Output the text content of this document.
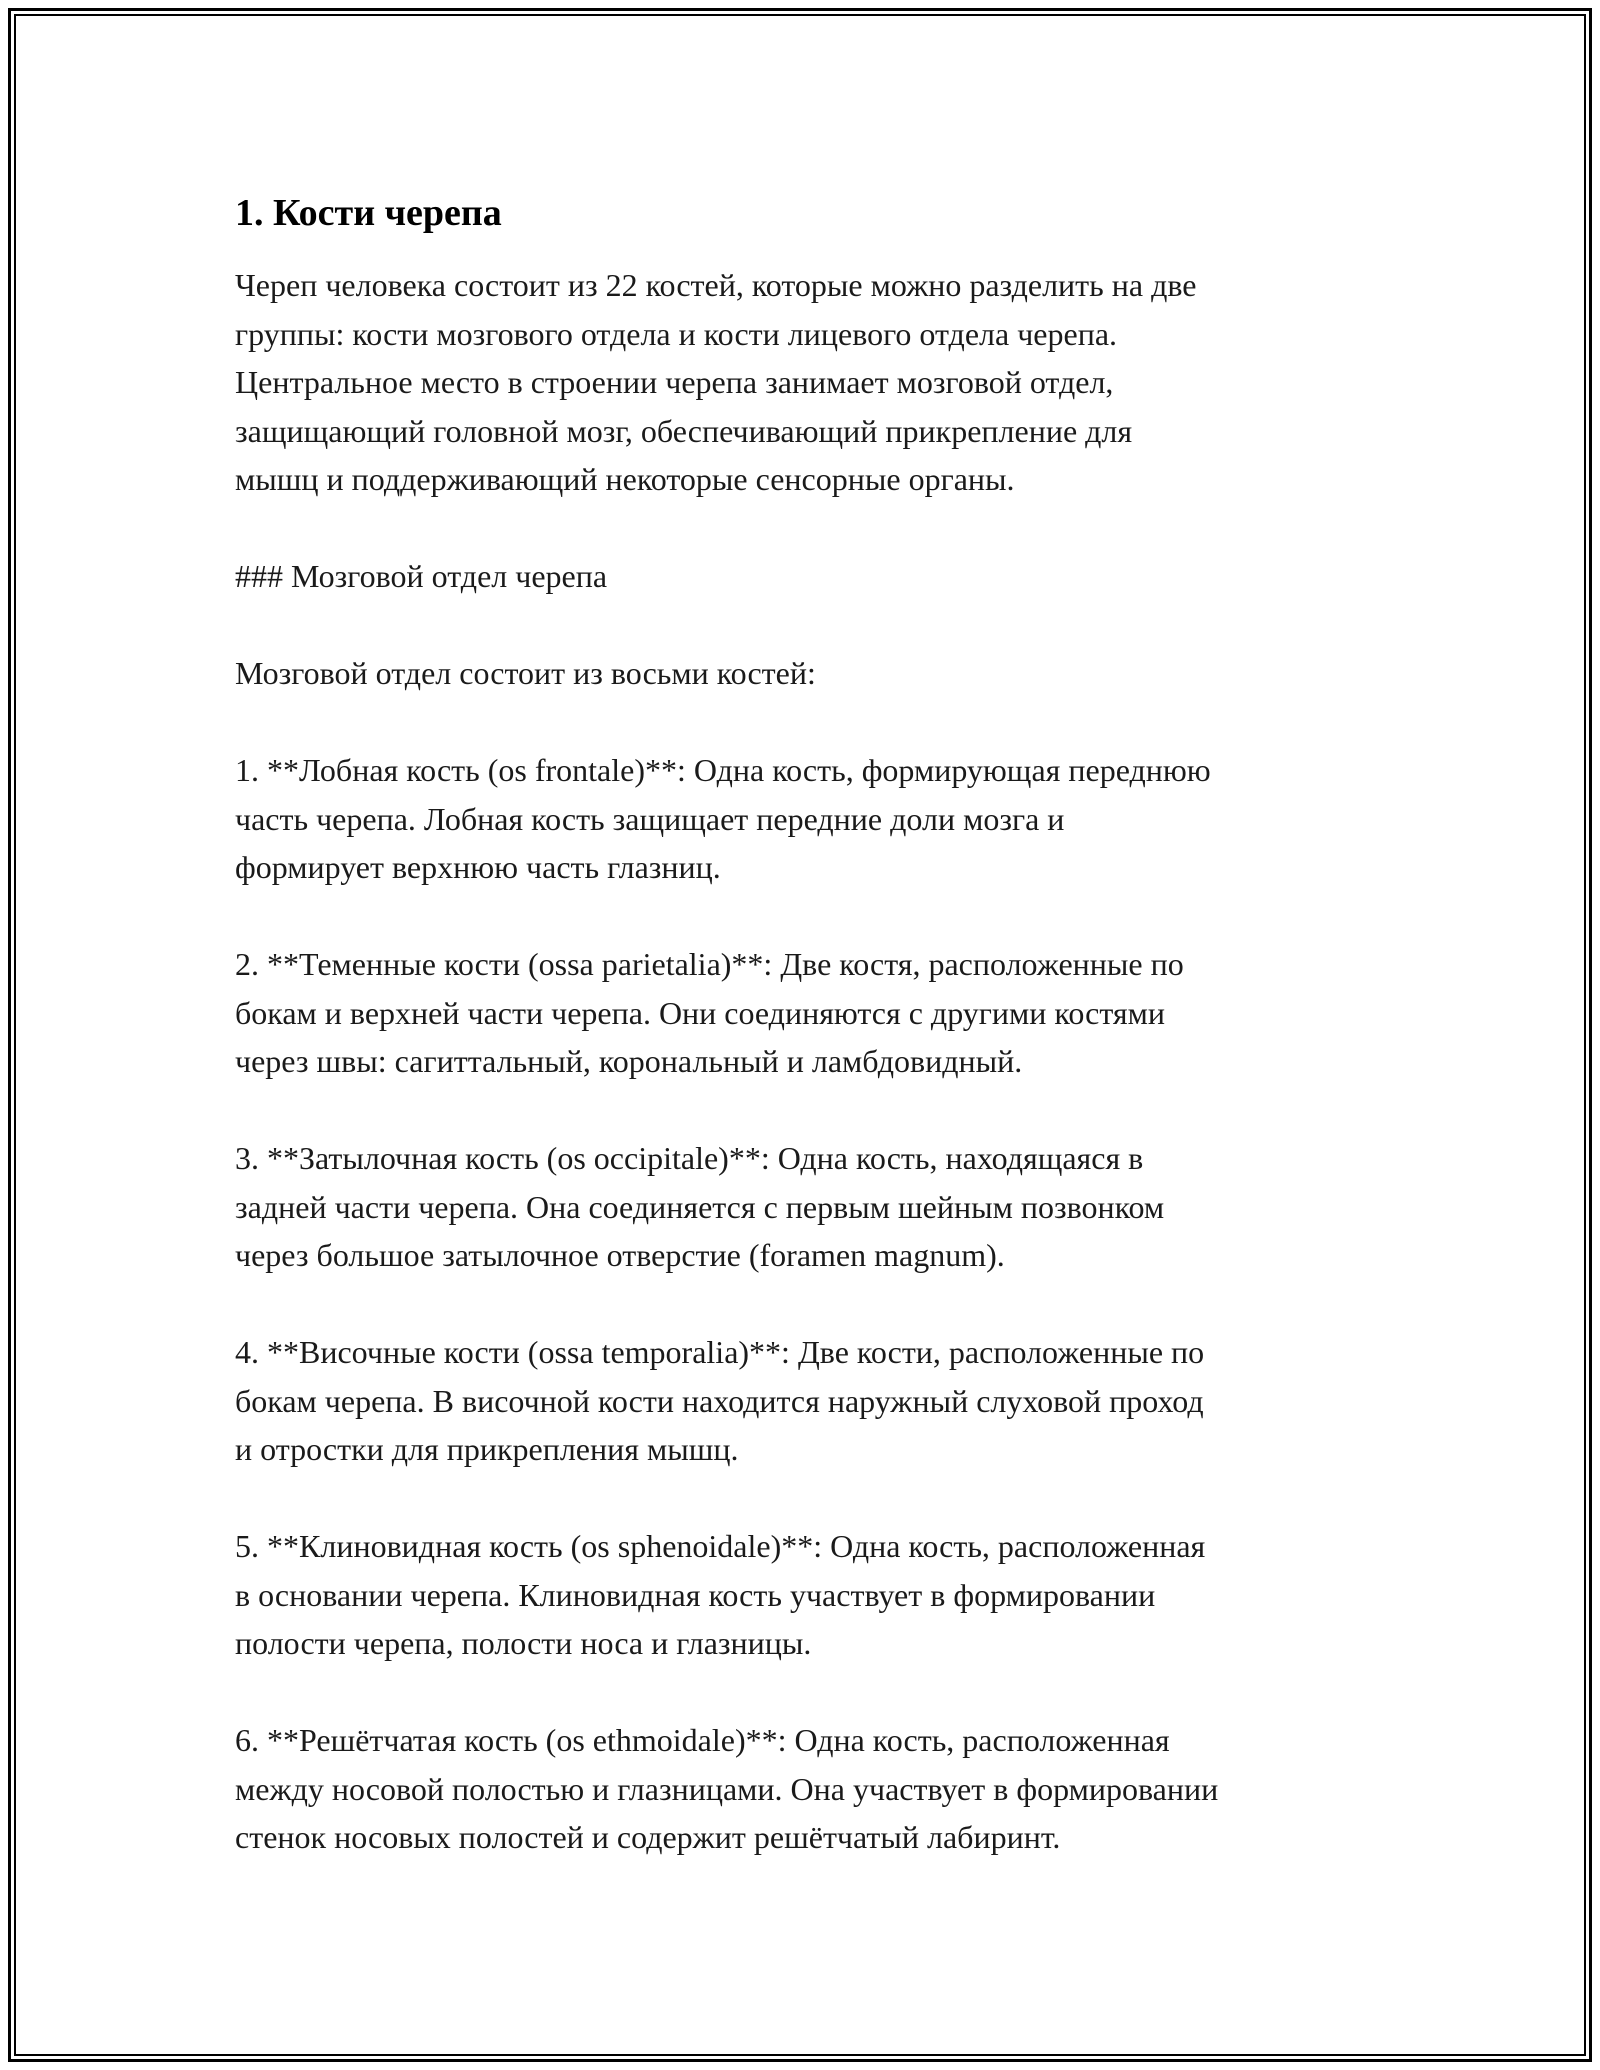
1. Кости черепа

Череп человека состоит из 22 костей, которые можно разделить на две
группы: кости мозгового отдела и кости лицевого отдела черепа.
Центральное место в строении черепа занимает мозговой отдел,
защищающий головной мозг, обеспечивающий прикрепление для
мышц и поддерживающий некоторые сенсорные органы.

### Мозговой отдел черепа

Мозговой отдел состоит из восьми костей:

1. **Лобная кость (os frontale)**: Одна кость, формирующая переднюю
часть черепа. Лобная кость защищает передние доли мозга и
формирует верхнюю часть глазниц.

2. **Теменные кости (ossa parietalia)**: Две костя, расположенные по
бокам и верхней части черепа. Они соединяются с другими костями
через швы: сагиттальный, корональный и ламбдовидный.

3. **Затылочная кость (os occipitale)**: Одна кость, находящаяся в
задней части черепа. Она соединяется с первым шейным позвонком
через большое затылочное отверстие (foramen magnum).

4. **Височные кости (ossa temporalia)**: Две кости, расположенные по
бокам черепа. В височной кости находится наружный слуховой проход
и отростки для прикрепления мышц.

5. **Клиновидная кость (os sphenoidale)**: Одна кость, расположенная
в основании черепа. Клиновидная кость участвует в формировании
полости черепа, полости носа и глазницы.

6. **Решётчатая кость (os ethmoidale)**: Одна кость, расположенная
между носовой полостью и глазницами. Она участвует в формировании
стенок носовых полостей и содержит решётчатый лабиринт.
